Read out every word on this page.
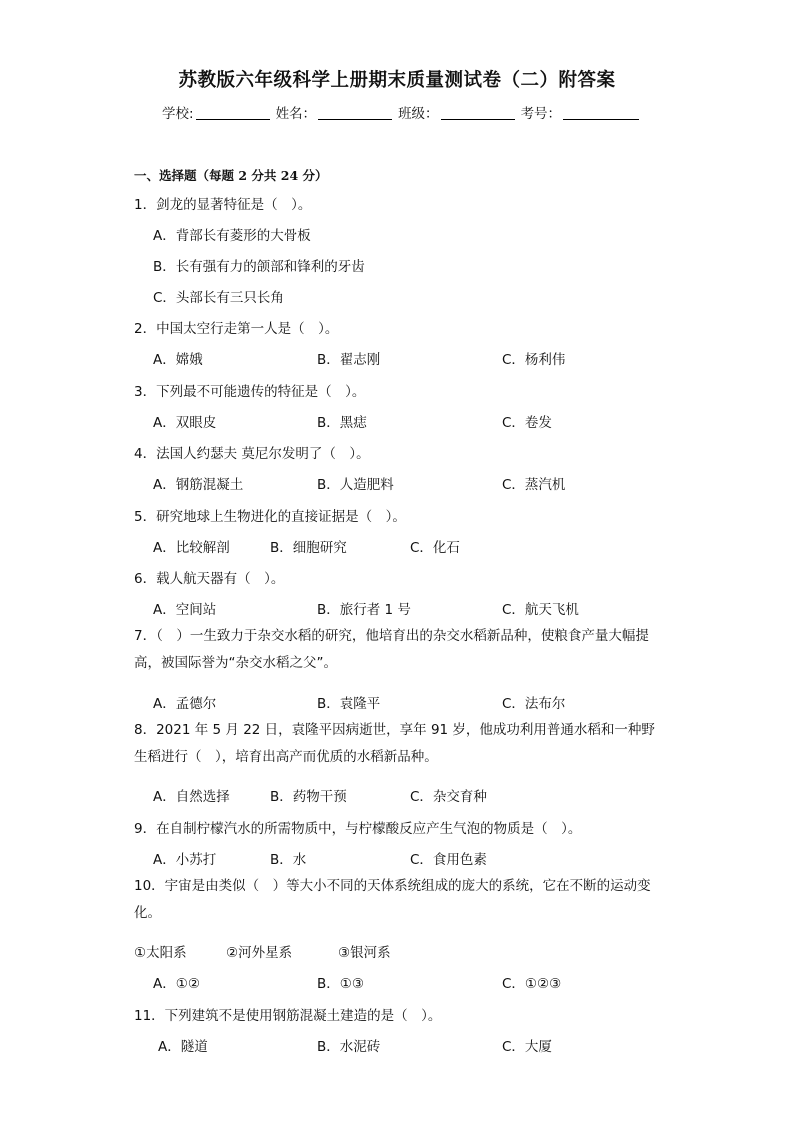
苏教版六年级科学上册期末质量测试卷（二）附答案
学校:	姓名：	班级：	考号：
一、选择题（每题 2 分共 24 分）
1．剑龙的显著特征是（　）。
A．背部长有菱形的大骨板
B．长有强有力的颌部和锋利的牙齿
C．头部长有三只长角
2．中国太空行走第一人是（　）。
A．嫦娥	B．翟志刚	C．杨利伟
3．下列最不可能遗传的特征是（　）。
A．双眼皮	B．黑痣	C．卷发
4．法国人约瑟夫 莫尼尔发明了（　）。
A．钢筋混凝土	B．人造肥料	C．蒸汽机
5．研究地球上生物进化的直接证据是（　）。
A．比较解剖	B．细胞研究	C．化石
6．载人航天器有（　）。
A．空间站	B．旅行者 1 号	C．航天飞机
7．（　）一生致力于杂交水稻的研究，他培育出的杂交水稻新品种，使粮食产量大幅提高，被国际誉为“杂交水稻之父”。
A．孟德尔	B．袁隆平	C．法布尔
8．2021 年 5 月 22 日，袁隆平因病逝世，享年 91 岁，他成功利用普通水稻和一种野生稻进行（　），培育出高产而优质的水稻新品种。
A．自然选择	B．药物干预	C．杂交育种
9．在自制柠檬汽水的所需物质中，与柠檬酸反应产生气泡的物质是（　）。
A．小苏打	B．水	C．食用色素
10．宇宙是由类似（　）等大小不同的天体系统组成的庞大的系统，它在不断的运动变化。
①太阳系	②河外星系	③银河系
A．①②	B．①③	C．①②③
11．下列建筑不是使用钢筋混凝土建造的是（　）。
A．隧道	B．水泥砖	C．大厦
